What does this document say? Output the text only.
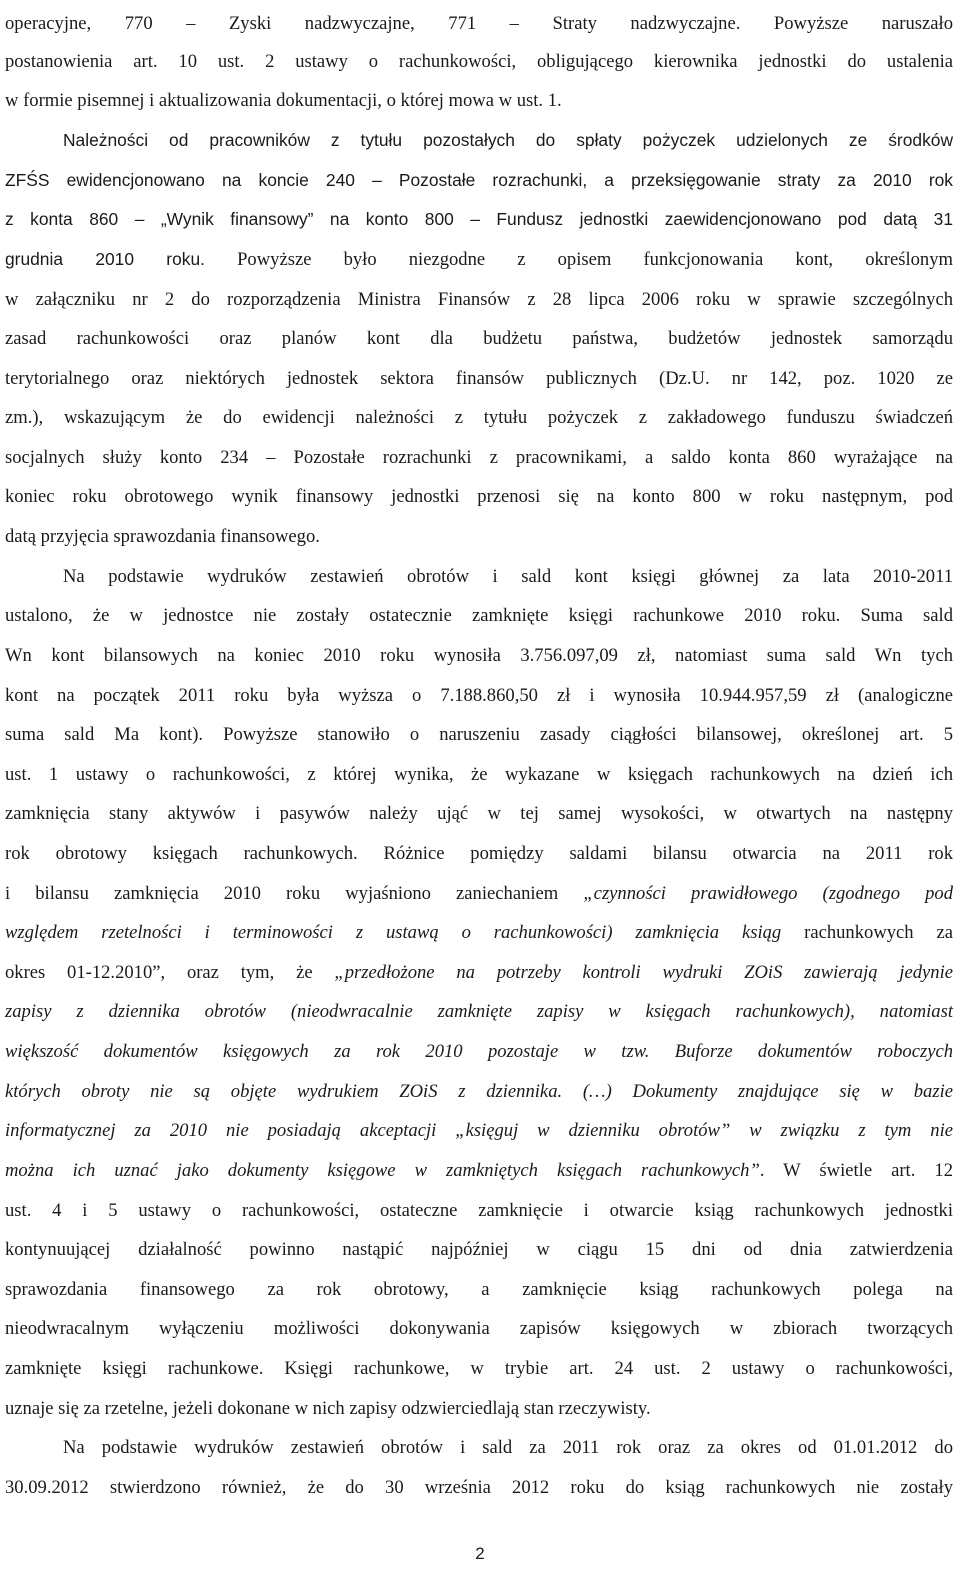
operacyjne, 770 – Zyski nadzwyczajne, 771 – Straty nadzwyczajne. Powyższe naruszało
postanowienia art. 10 ust. 2 ustawy o rachunkowości, obligującego kierownika jednostki do ustalenia
w formie pisemnej i aktualizowania dokumentacji, o której mowa w ust. 1.
Należności od pracowników z tytułu pozostałych do spłaty pożyczek udzielonych ze środków
ZFŚS ewidencjonowano na koncie 240 – Pozostałe rozrachunki, a przeksięgowanie straty za 2010 rok
z konta 860 – „Wynik finansowy” na konto 800 – Fundusz jednostki zaewidencjonowano pod datą 31
grudnia 2010 roku. Powyższe było niezgodne z opisem funkcjonowania kont, określonym
w załączniku nr 2 do rozporządzenia Ministra Finansów z 28 lipca 2006 roku w sprawie szczególnych
zasad rachunkowości oraz planów kont dla budżetu państwa, budżetów jednostek samorządu
terytorialnego oraz niektórych jednostek sektora finansów publicznych (Dz.U. nr 142, poz. 1020 ze
zm.), wskazującym że do ewidencji należności z tytułu pożyczek z zakładowego funduszu świadczeń
socjalnych służy konto 234 – Pozostałe rozrachunki z pracownikami, a saldo konta 860 wyrażające na
koniec roku obrotowego wynik finansowy jednostki przenosi się na konto 800 w roku następnym, pod
datą przyjęcia sprawozdania finansowego.
Na podstawie wydruków zestawień obrotów i sald kont księgi głównej za lata 2010-2011
ustalono, że w jednostce nie zostały ostatecznie zamknięte księgi rachunkowe 2010 roku. Suma sald
Wn kont bilansowych na koniec 2010 roku wynosiła 3.756.097,09 zł, natomiast suma sald Wn tych
kont na początek 2011 roku była wyższa o 7.188.860,50 zł i wynosiła 10.944.957,59 zł (analogiczne
suma sald Ma kont). Powyższe stanowiło o naruszeniu zasady ciągłości bilansowej, określonej art. 5
ust. 1 ustawy o rachunkowości, z której wynika, że wykazane w księgach rachunkowych na dzień ich
zamknięcia stany aktywów i pasywów należy ująć w tej samej wysokości, w otwartych na następny
rok obrotowy księgach rachunkowych. Różnice pomiędzy saldami bilansu otwarcia na 2011 rok
i bilansu zamknięcia 2010 roku wyjaśniono zaniechaniem „czynności prawidłowego (zgodnego pod
względem rzetelności i terminowości z ustawą o rachunkowości) zamknięcia ksiąg rachunkowych za
okres 01-12.2010”, oraz tym, że „przedłożone na potrzeby kontroli wydruki ZOiS zawierają jedynie
zapisy z dziennika obrotów (nieodwracalnie zamknięte zapisy w księgach rachunkowych), natomiast
większość dokumentów księgowych za rok 2010 pozostaje w tzw. Buforze dokumentów roboczych
których obroty nie są objęte wydrukiem ZOiS z dziennika. (…) Dokumenty znajdujące się w bazie
informatycznej za 2010 nie posiadają akceptacji „księguj w dzienniku obrotów” w związku z tym nie
można ich uznać jako dokumenty księgowe w zamkniętych księgach rachunkowych”. W świetle art. 12
ust. 4 i 5 ustawy o rachunkowości, ostateczne zamknięcie i otwarcie ksiąg rachunkowych jednostki
kontynuującej działalność powinno nastąpić najpóźniej w ciągu 15 dni od dnia zatwierdzenia
sprawozdania finansowego za rok obrotowy, a zamknięcie ksiąg rachunkowych polega na
nieodwracalnym wyłączeniu możliwości dokonywania zapisów księgowych w zbiorach tworzących
zamknięte księgi rachunkowe. Księgi rachunkowe, w trybie art. 24 ust. 2 ustawy o rachunkowości,
uznaje się za rzetelne, jeżeli dokonane w nich zapisy odzwierciedlają stan rzeczywisty.
Na podstawie wydruków zestawień obrotów i sald za 2011 rok oraz za okres od 01.01.2012 do
30.09.2012 stwierdzono również, że do 30 września 2012 roku do ksiąg rachunkowych nie zostały
2
